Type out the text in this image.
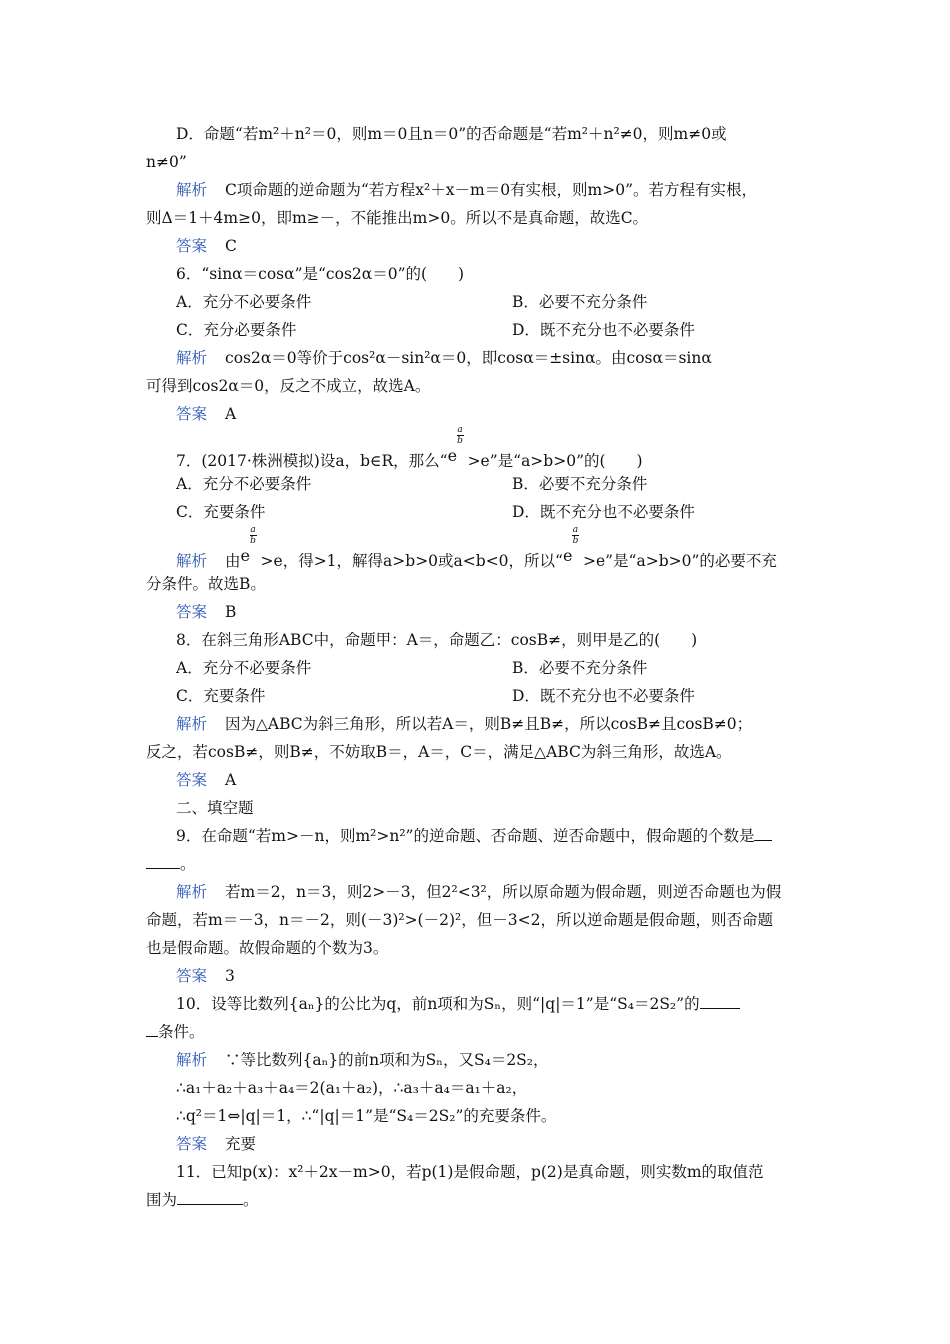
D．命题“若m²＋n²＝0，则m＝0且n＝0”的否命题是“若m²＋n²≠0，则m≠0或
n≠0”
解析 C项命题的逆命题为“若方程x²＋x－m＝0有实根，则m>0”。若方程有实根，
则Δ＝1＋4m≥0，即m≥－，不能推出m>0。所以不是真命题，故选C。
答案 C
6．“sinα＝cosα”是“cos2α＝0”的(　　)
A．充分不必要条件	B．必要不充分条件
C．充分必要条件	D．既不充分也不必要条件
解析 cos2α＝0等价于cos²α－sin²α＝0，即cosα＝±sinα。由cosα＝sinα
可得到cos2α＝0，反之不成立，故选A。
答案 A
7．(2017·株洲模拟)设a，b∈R，那么“ e
a
b
>e”是“a>b>0”的(　　)
A．充分不必要条件	B．必要不充分条件
C．充要条件	D．既不充分也不必要条件
解析 由 e
a
b
>e，得>1，解得a>b>0或a<b<0，所以“ e
a
b
>e”是“a>b>0”的必要不充
分条件。故选B。
答案 B
8．在斜三角形ABC中，命题甲：A＝，命题乙：cosB≠，则甲是乙的(　　)
A．充分不必要条件	B．必要不充分条件
C．充要条件	D．既不充分也不必要条件
解析 因为△ABC为斜三角形，所以若A＝，则B≠且B≠，所以cosB≠且cosB≠0；
反之，若cosB≠，则B≠，不妨取B＝，A＝，C＝，满足△ABC为斜三角形，故选A。
答案 A
二、填空题
9．在命题“若m>－n，则m²>n²”的逆命题、否命题、逆否命题中，假命题的个数是
。
解析 若m＝2，n＝3，则2>－3，但2²<3²，所以原命题为假命题，则逆否命题也为假
命题，若m＝－3，n＝－2，则(－3)²>(－2)²，但－3<2，所以逆命题是假命题，则否命题
也是假命题。故假命题的个数为3。
答案 3
10．设等比数列{aₙ}的公比为q，前n项和为Sₙ，则“|q|＝1”是“S₄＝2S₂”的
条件。
解析 ∵等比数列{aₙ}的前n项和为Sₙ，又S₄＝2S₂，
∴a₁＋a₂＋a₃＋a₄＝2(a₁＋a₂)，∴a₃＋a₄＝a₁＋a₂，
∴q²＝1⇔|q|＝1，∴“|q|＝1”是“S₄＝2S₂”的充要条件。
答案 充要
11．已知p(x)：x²＋2x－m>0，若p(1)是假命题，p(2)是真命题，则实数m的取值范
围为	。
